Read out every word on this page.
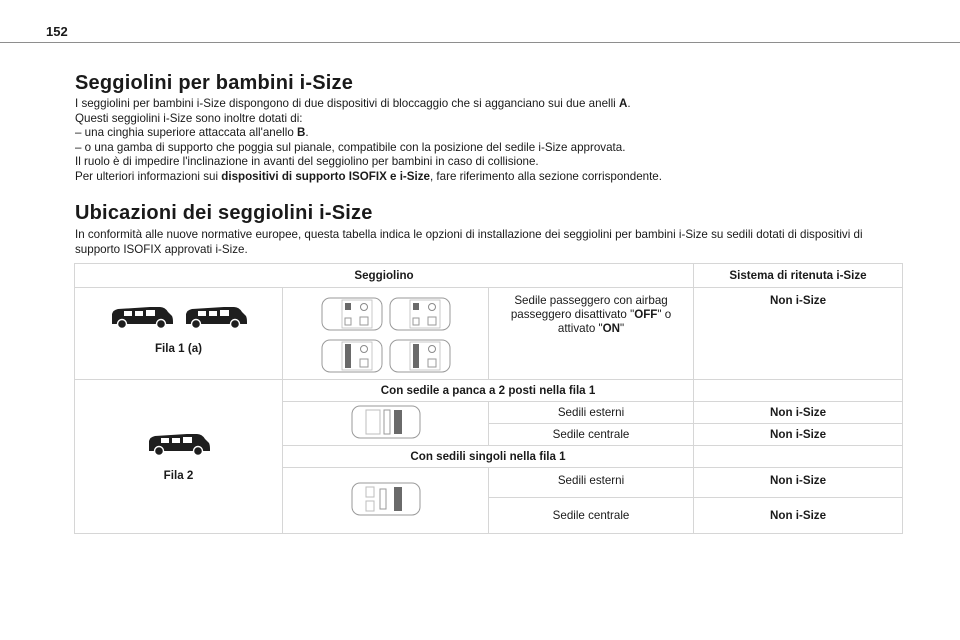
152
Seggiolini per bambini i-Size
I seggiolini per bambini i-Size dispongono di due dispositivi di bloccaggio che si agganciano sui due anelli A.
Questi seggiolini i-Size sono inoltre dotati di:
– una cinghia superiore attaccata all'anello B.
– o una gamba di supporto che poggia sul pianale, compatibile con la posizione del sedile i-Size approvata.
Il ruolo è di impedire l'inclinazione in avanti del seggiolino per bambini in caso di collisione.
Per ulteriori informazioni sui dispositivi di supporto ISOFIX e i-Size, fare riferimento alla sezione corrispondente.
Ubicazioni dei seggiolini i-Size
In conformità alle nuove normative europee, questa tabella indica le opzioni di installazione dei seggiolini per bambini i-Size su sedili dotati di dispositivi di supporto ISOFIX approvati i-Size.
Seggiolino			Sistema di ritenuta i-Size

Fila 1 (a)		Sedile passeggero con airbag
passeggero disattivato "OFF" o
attivato "ON"	Non i-Size

Fila 2	Con sedile a panca a 2 posti nella fila 1		
	Sedili esterni	Non i-Size
		Sedile centrale	Non i-Size
	Con sedili singoli nella fila 1		
	Sedili esterni	Non i-Size
		Sedile centrale	Non i-Size
